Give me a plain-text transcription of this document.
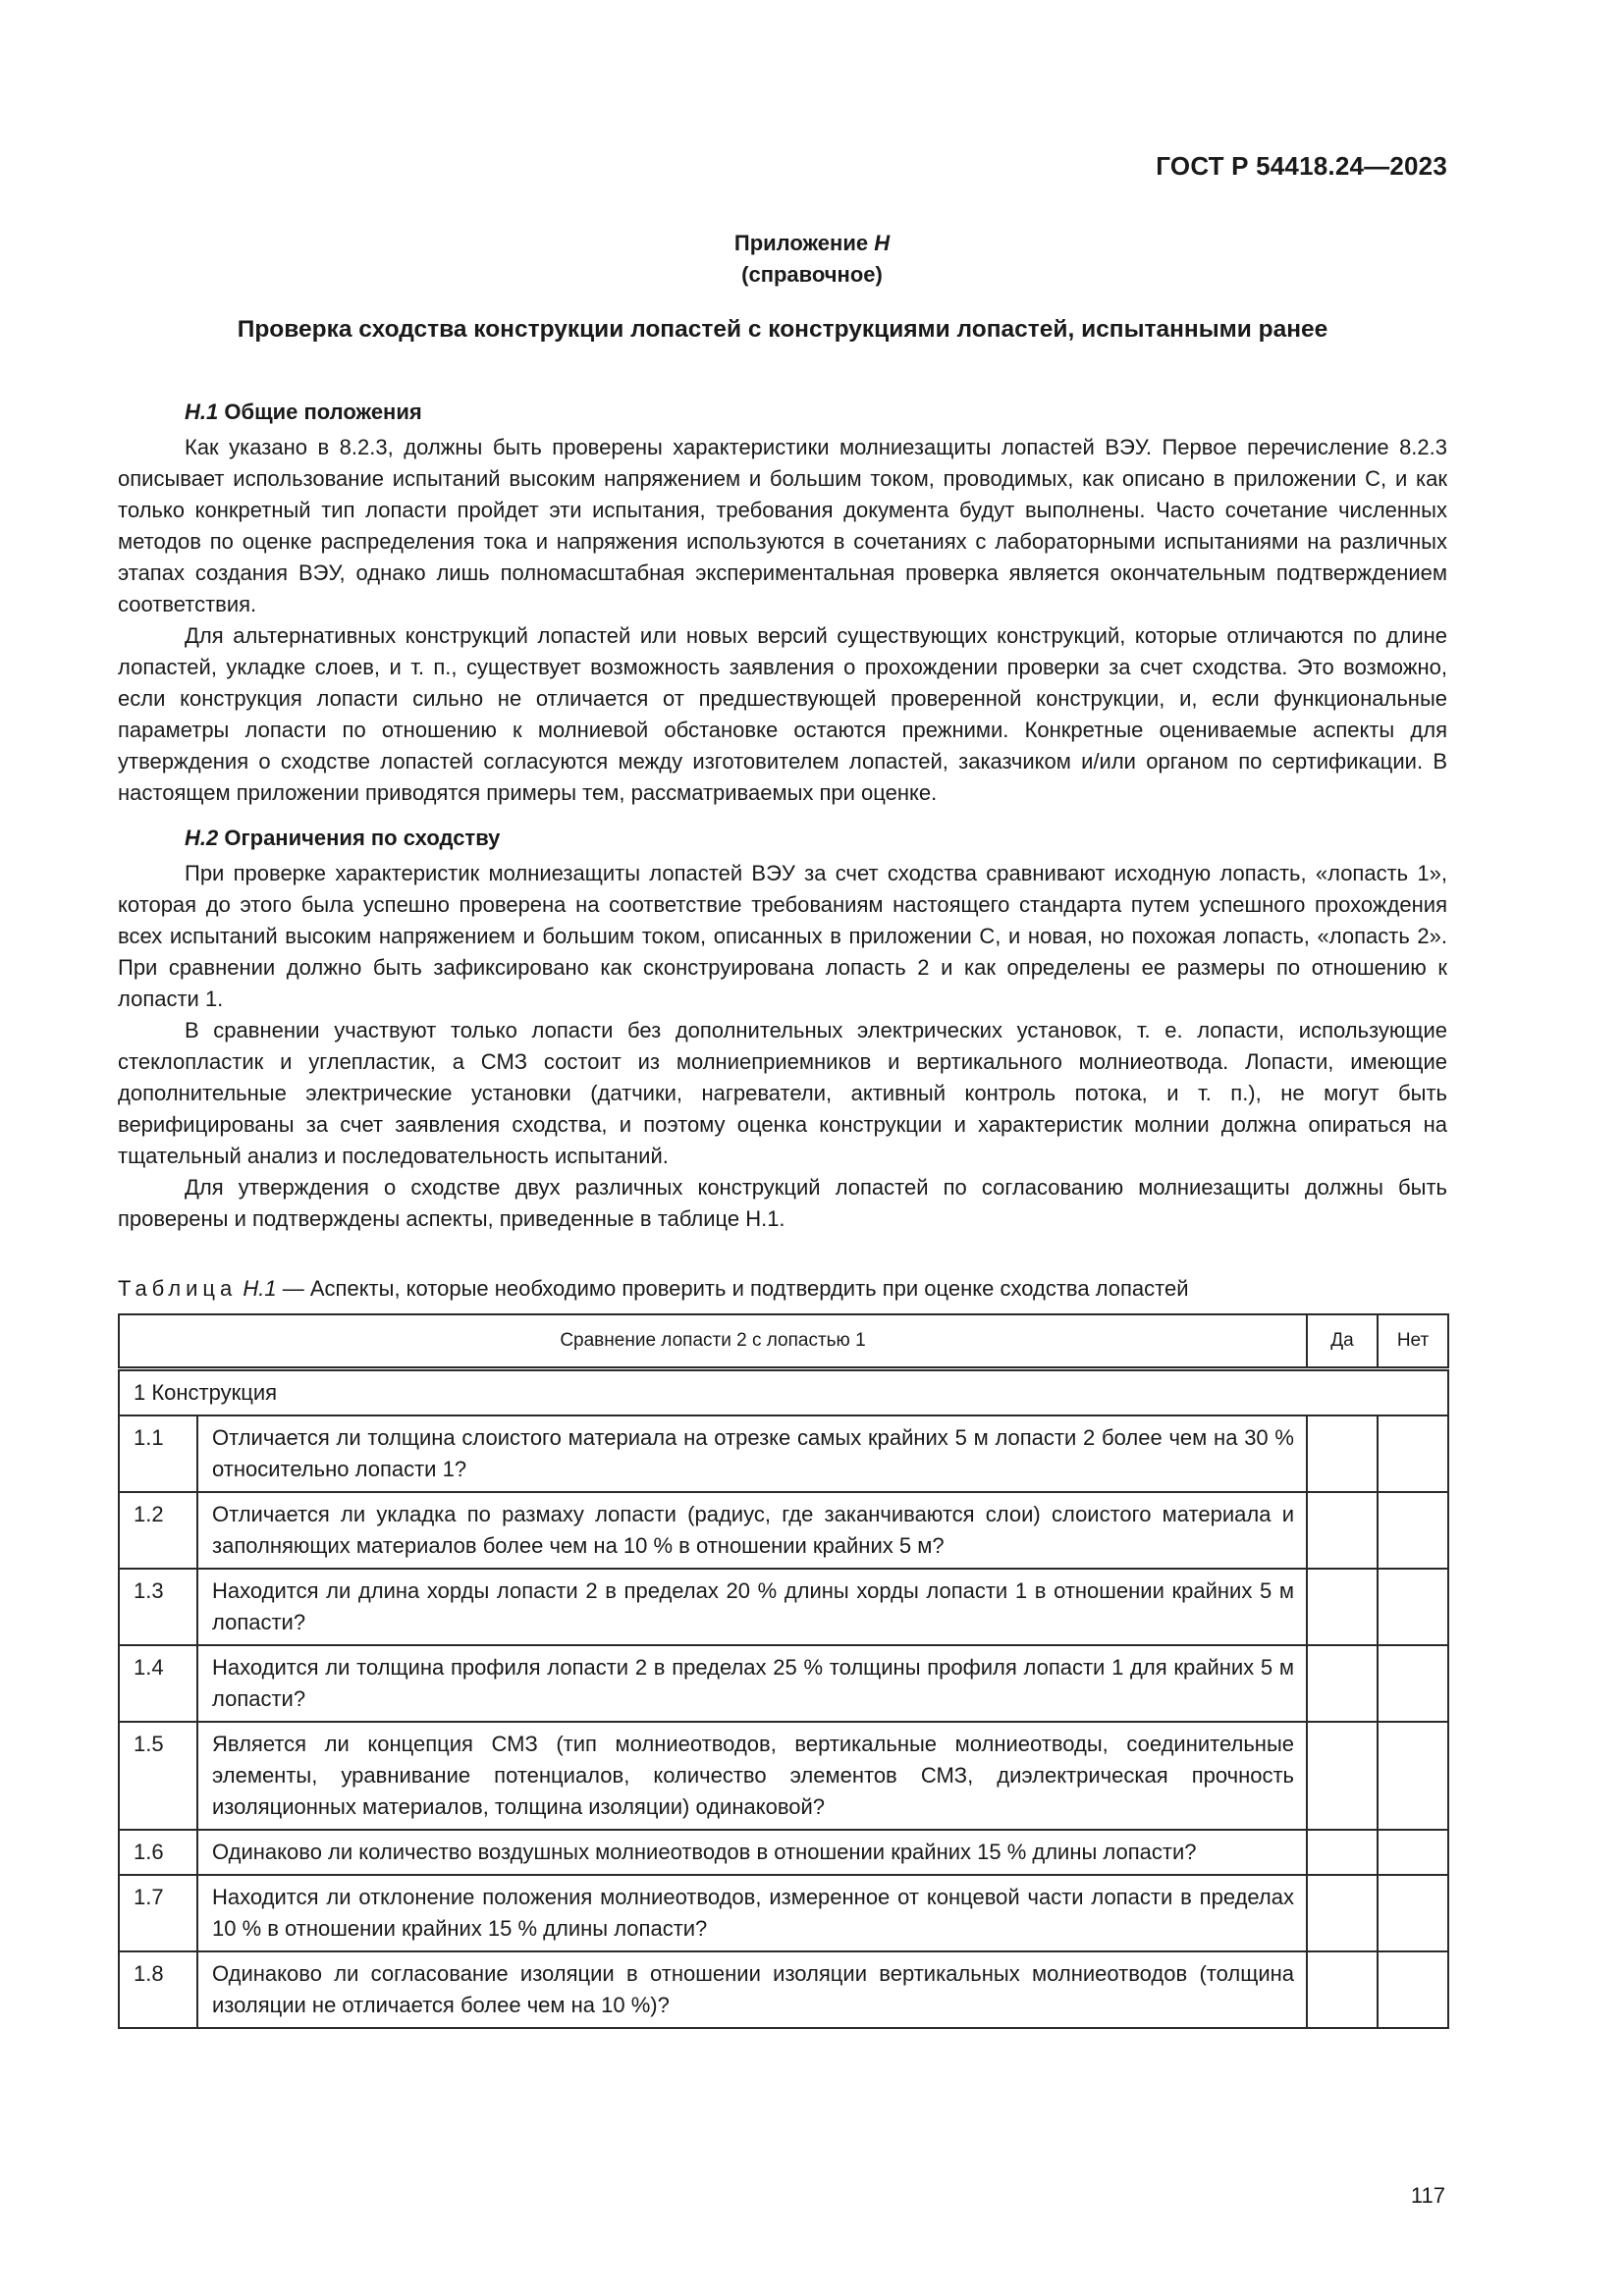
ГОСТ Р 54418.24—2023
Приложение Н
(справочное)
Проверка сходства конструкции лопастей с конструкциями лопастей, испытанными ранее
Н.1 Общие положения

Как указано в 8.2.3, должны быть проверены характеристики молниезащиты лопастей ВЭУ. Первое перечисление 8.2.3 описывает использование испытаний высоким напряжением и большим током, проводимых, как описано в приложении С, и как только конкретный тип лопасти пройдет эти испытания, требования документа будут выполнены. Часто сочетание численных методов по оценке распределения тока и напряжения используются в сочетаниях с лабораторными испытаниями на различных этапах создания ВЭУ, однако лишь полномасштабная экспериментальная проверка является окончательным подтверждением соответствия.

Для альтернативных конструкций лопастей или новых версий существующих конструкций, которые отличаются по длине лопастей, укладке слоев, и т. п., существует возможность заявления о прохождении проверки за счет сходства. Это возможно, если конструкция лопасти сильно не отличается от предшествующей проверенной конструкции, и, если функциональные параметры лопасти по отношению к молниевой обстановке остаются прежними. Конкретные оцениваемые аспекты для утверждения о сходстве лопастей согласуются между изготовителем лопастей, заказчиком и/или органом по сертификации. В настоящем приложении приводятся примеры тем, рассматриваемых при оценке.

Н.2 Ограничения по сходству

При проверке характеристик молниезащиты лопастей ВЭУ за счет сходства сравнивают исходную лопасть, «лопасть 1», которая до этого была успешно проверена на соответствие требованиям настоящего стандарта путем успешного прохождения всех испытаний высоким напряжением и большим током, описанных в приложении С, и новая, но похожая лопасть, «лопасть 2». При сравнении должно быть зафиксировано как сконструирована лопасть 2 и как определены ее размеры по отношению к лопасти 1.

В сравнении участвуют только лопасти без дополнительных электрических установок, т. е. лопасти, использующие стеклопластик и углепластик, а СМЗ состоит из молниеприемников и вертикального молниеотвода. Лопасти, имеющие дополнительные электрические установки (датчики, нагреватели, активный контроль потока, и т. п.), не могут быть верифицированы за счет заявления сходства, и поэтому оценка конструкции и характеристик молнии должна опираться на тщательный анализ и последовательность испытаний.

Для утверждения о сходстве двух различных конструкций лопастей по согласованию молниезащиты должны быть проверены и подтверждены аспекты, приведенные в таблице Н.1.

Таблица Н.1 — Аспекты, которые необходимо проверить и подтвердить при оценке сходства лопастей
Сравнение лопасти 2 с лопастью 1		Да	Нет
1 Конструкция			
1.1	Отличается ли толщина слоистого материала на отрезке самых крайних 5 м лопасти 2 более чем на 30 % относительно лопасти 1?		
1.2	Отличается ли укладка по размаху лопасти (радиус, где заканчиваются слои) слоистого материала и заполняющих материалов более чем на 10 % в отношении крайних 5 м?		
1.3	Находится ли длина хорды лопасти 2 в пределах 20 % длины хорды лопасти 1 в отношении крайних 5 м лопасти?		
1.4	Находится ли толщина профиля лопасти 2 в пределах 25 % толщины профиля лопасти 1 для крайних 5 м лопасти?		
1.5	Является ли концепция СМЗ (тип молниеотводов, вертикальные молниеотводы, соединительные элементы, уравнивание потенциалов, количество элементов СМЗ, диэлектрическая прочность изоляционных материалов, толщина изоляции) одинаковой?		
1.6	Одинаково ли количество воздушных молниеотводов в отношении крайних 15 % длины лопасти?		
1.7	Находится ли отклонение положения молниеотводов, измеренное от концевой части лопасти в пределах 10 % в отношении крайних 15 % длины лопасти?		
1.8	Одинаково ли согласование изоляции в отношении изоляции вертикальных молниеотводов (толщина изоляции не отличается более чем на 10 %)?		
117
